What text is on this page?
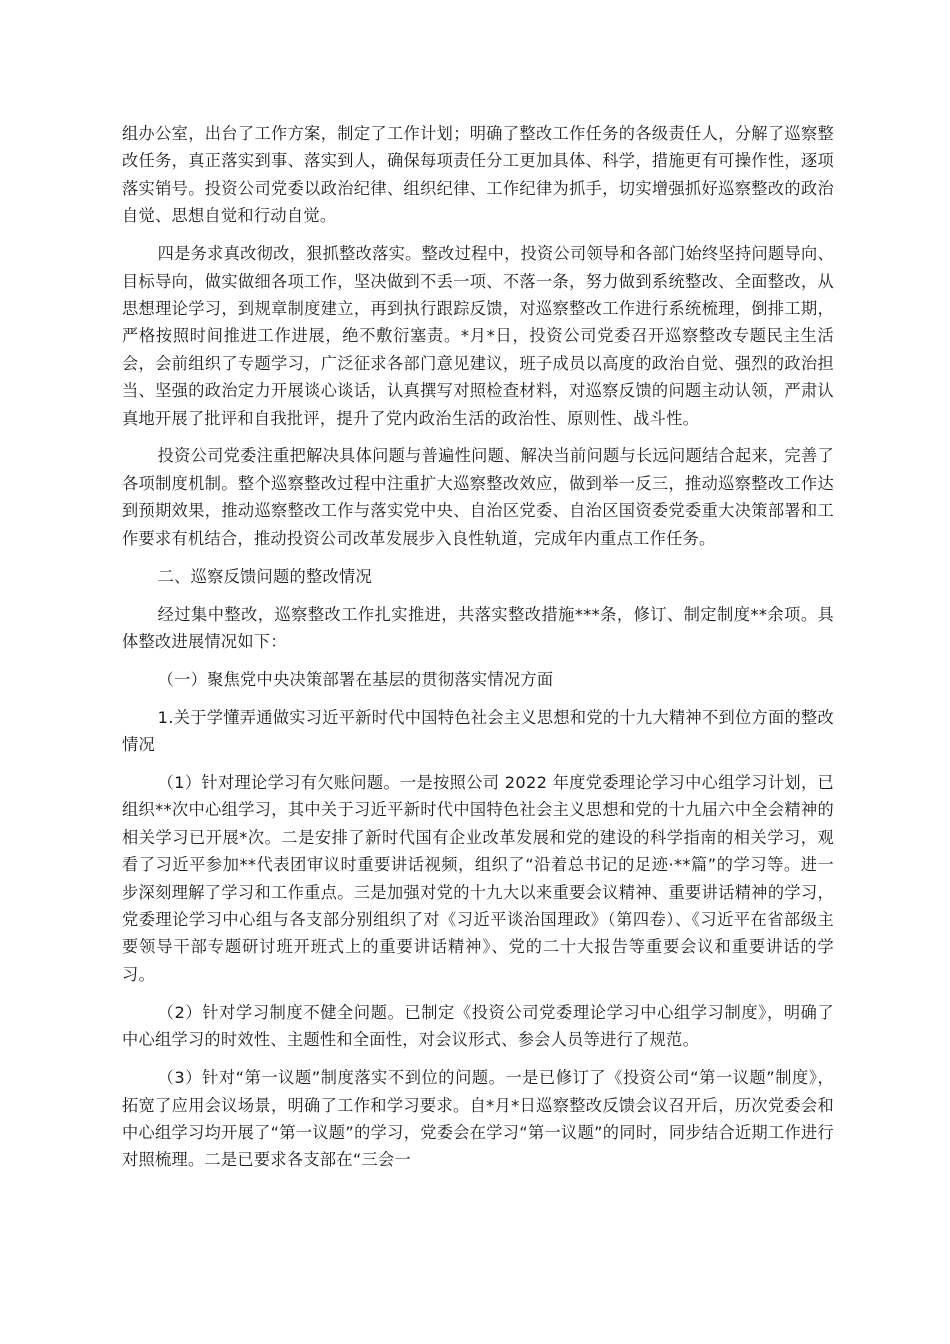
组办公室，出台了工作方案，制定了工作计划；明确了整改工作任务的各级责任人，分解了巡察整改任务，真正落实到事、落实到人，确保每项责任分工更加具体、科学，措施更有可操作性，逐项落实销号。投资公司党委以政治纪律、组织纪律、工作纪律为抓手，切实增强抓好巡察整改的政治自觉、思想自觉和行动自觉。

四是务求真改彻改，狠抓整改落实。整改过程中，投资公司领导和各部门始终坚持问题导向、目标导向，做实做细各项工作，坚决做到不丢一项、不落一条，努力做到系统整改、全面整改，从思想理论学习，到规章制度建立，再到执行跟踪反馈，对巡察整改工作进行系统梳理，倒排工期，严格按照时间推进工作进展，绝不敷衍塞责。*月*日，投资公司党委召开巡察整改专题民主生活会，会前组织了专题学习，广泛征求各部门意见建议，班子成员以高度的政治自觉、强烈的政治担当、坚强的政治定力开展谈心谈话，认真撰写对照检查材料，对巡察反馈的问题主动认领，严肃认真地开展了批评和自我批评，提升了党内政治生活的政治性、原则性、战斗性。

投资公司党委注重把解决具体问题与普遍性问题、解决当前问题与长远问题结合起来，完善了各项制度机制。整个巡察整改过程中注重扩大巡察整改效应，做到举一反三，推动巡察整改工作达到预期效果，推动巡察整改工作与落实党中央、自治区党委、自治区国资委党委重大决策部署和工作要求有机结合，推动投资公司改革发展步入良性轨道，完成年内重点工作任务。

二、巡察反馈问题的整改情况

经过集中整改，巡察整改工作扎实推进，共落实整改措施***条，修订、制定制度**余项。具体整改进展情况如下：

（一）聚焦党中央决策部署在基层的贯彻落实情况方面

1.关于学懂弄通做实习近平新时代中国特色社会主义思想和党的十九大精神不到位方面的整改情况

（1）针对理论学习有欠账问题。一是按照公司 2022 年度党委理论学习中心组学习计划，已组织**次中心组学习，其中关于习近平新时代中国特色社会主义思想和党的十九届六中全会精神的相关学习已开展*次。二是安排了新时代国有企业改革发展和党的建设的科学指南的相关学习，观看了习近平参加**代表团审议时重要讲话视频，组织了“沿着总书记的足迹·**篇”的学习等。进一步深刻理解了学习和工作重点。三是加强对党的十九大以来重要会议精神、重要讲话精神的学习，党委理论学习中心组与各支部分别组织了对《习近平谈治国理政》（第四卷）、《习近平在省部级主要领导干部专题研讨班开班式上的重要讲话精神》、党的二十大报告等重要会议和重要讲话的学习。

（2）针对学习制度不健全问题。已制定《投资公司党委理论学习中心组学习制度》，明确了中心组学习的时效性、主题性和全面性，对会议形式、参会人员等进行了规范。

（3）针对“第一议题”制度落实不到位的问题。一是已修订了《投资公司“第一议题”制度》，拓宽了应用会议场景，明确了工作和学习要求。自*月*日巡察整改反馈会议召开后，历次党委会和中心组学习均开展了“第一议题”的学习，党委会在学习“第一议题”的同时，同步结合近期工作进行对照梳理。二是已要求各支部在“三会一
